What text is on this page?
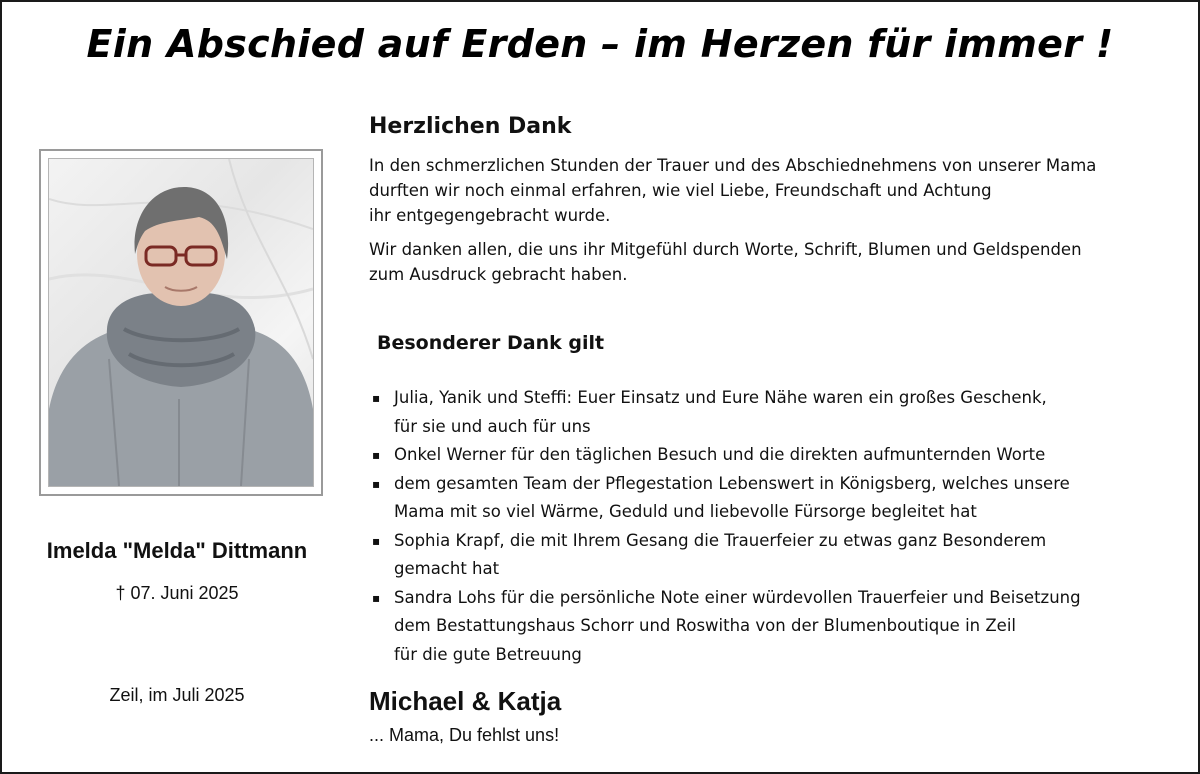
Ein Abschied auf Erden – im Herzen für immer !
Imelda "Melda" Dittmann
† 07. Juni 2025
Zeil, im Juli 2025
Herzlichen Dank
In den schmerzlichen Stunden der Trauer und des Abschiednehmens von unserer Mama
durften wir noch einmal erfahren, wie viel Liebe, Freundschaft und Achtung
ihr entgegengebracht wurde.
Wir danken allen, die uns ihr Mitgefühl durch Worte, Schrift, Blumen und Geldspenden
zum Ausdruck gebracht haben.
Besonderer Dank gilt
▪ Julia, Yanik und Steffi: Euer Einsatz und Eure Nähe waren ein großes Geschenk,
für sie und auch für uns
▪ Onkel Werner für den täglichen Besuch und die direkten aufmunternden Worte
▪ dem gesamten Team der Pflegestation Lebenswert in Königsberg, welches unsere
Mama mit so viel Wärme, Geduld und liebevolle Fürsorge begleitet hat
▪ Sophia Krapf, die mit Ihrem Gesang die Trauerfeier zu etwas ganz Besonderem
gemacht hat
▪ Sandra Lohs für die persönliche Note einer würdevollen Trauerfeier und Beisetzung
dem Bestattungshaus Schorr und Roswitha von der Blumenboutique in Zeil
für die gute Betreuung
Michael & Katja
... Mama, Du fehlst uns!
